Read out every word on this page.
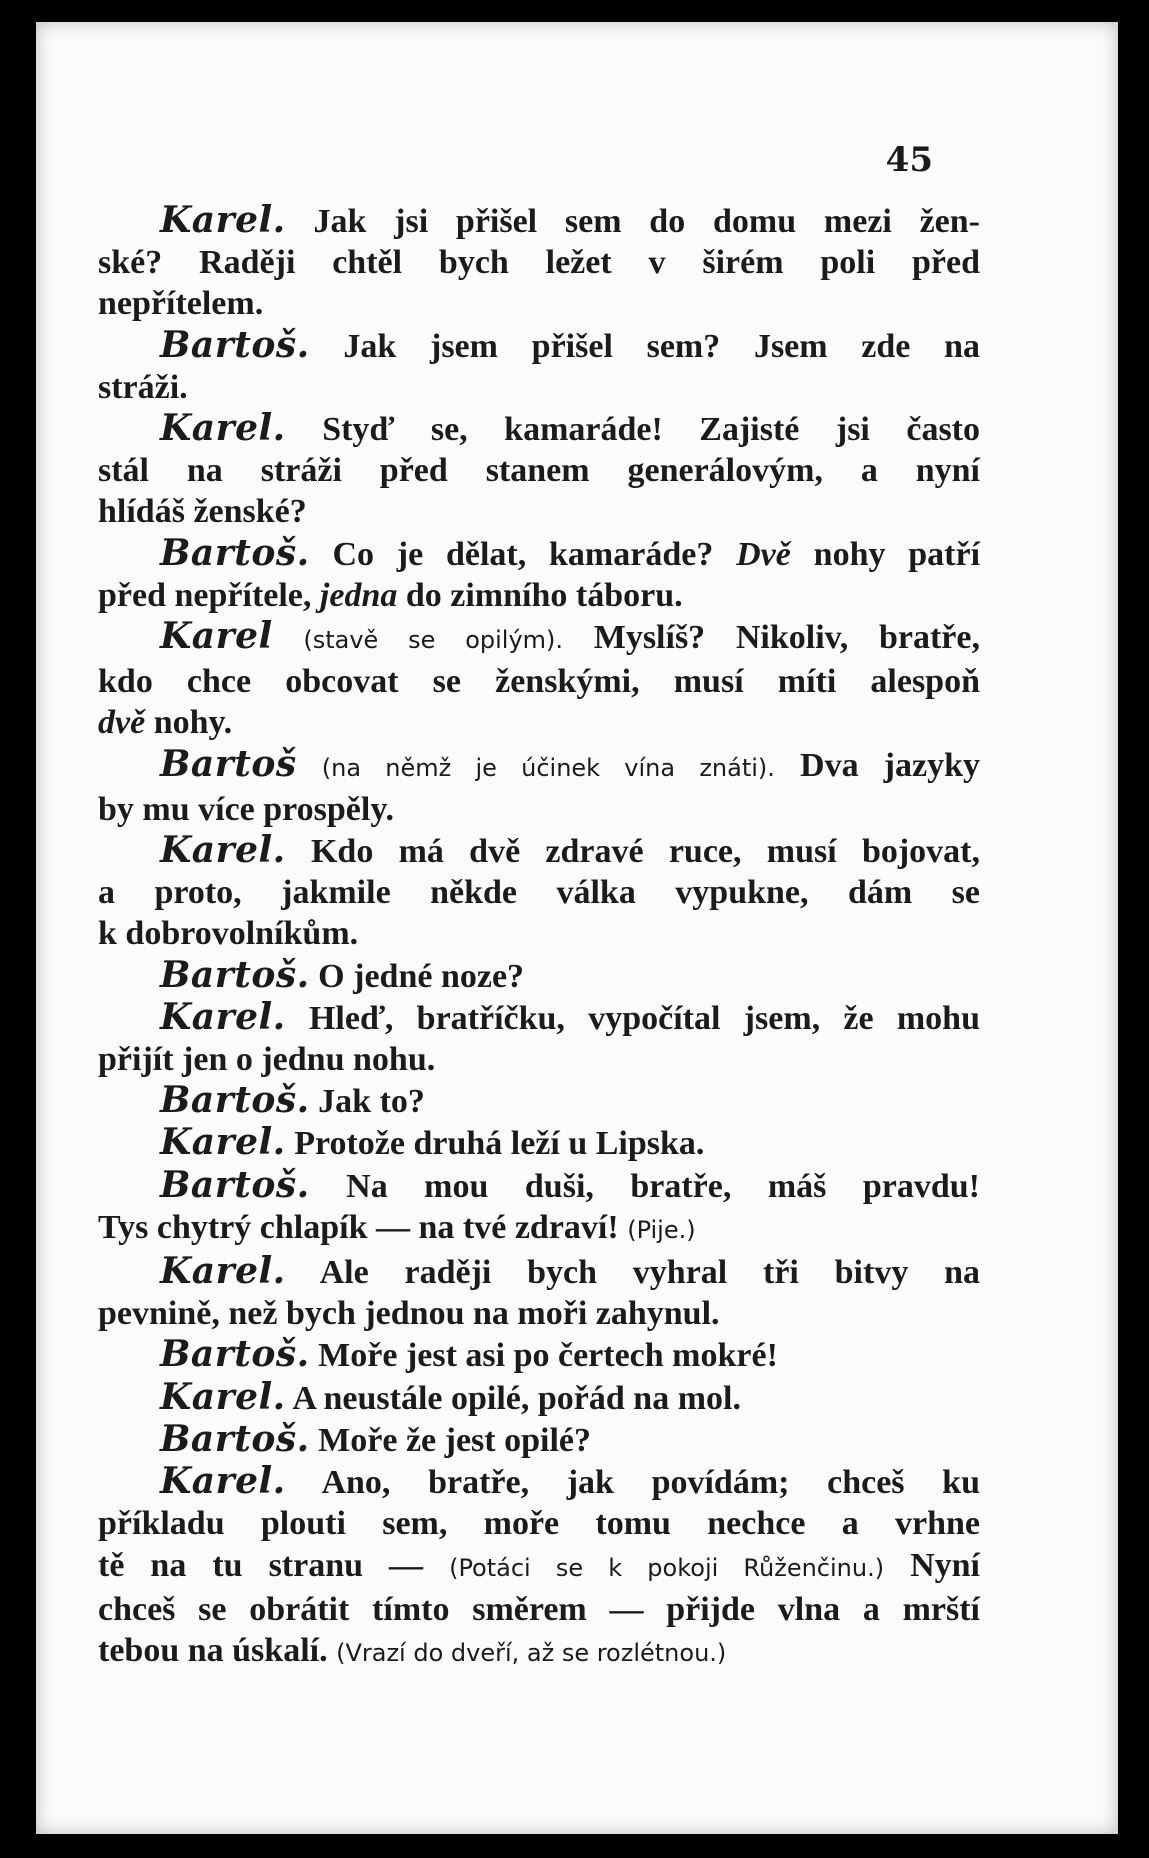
45
Karel. Jak jsi přišel sem do domu mezi žen-
ské? Raději chtěl bych ležet v širém poli před
nepřítelem.
Bartoš. Jak jsem přišel sem? Jsem zde na
stráži.
Karel. Styď se, kamaráde! Zajisté jsi často
stál na stráži před stanem generálovým, a nyní
hlídáš ženské?
Bartoš. Co je dělat, kamaráde? Dvě nohy patří
před nepřítele, jedna do zimního táboru.
Karel (stavě se opilým). Myslíš? Nikoliv, bratře,
kdo chce obcovat se ženskými, musí míti alespoň
dvě nohy.
Bartoš (na němž je účinek vína znáti). Dva jazyky
by mu více prospěly.
Karel. Kdo má dvě zdravé ruce, musí bojovat,
a proto, jakmile někde válka vypukne, dám se
k dobrovolníkům.
Bartoš. O jedné noze?
Karel. Hleď, bratříčku, vypočítal jsem, že mohu
přijít jen o jednu nohu.
Bartoš. Jak to?
Karel. Protože druhá leží u Lipska.
Bartoš. Na mou duši, bratře, máš pravdu!
Tys chytrý chlapík — na tvé zdraví! (Pije.)
Karel. Ale raději bych vyhral tři bitvy na
pevnině, než bych jednou na moři zahynul.
Bartoš. Moře jest asi po čertech mokré!
Karel. A neustále opilé, pořád na mol.
Bartoš. Moře že jest opilé?
Karel. Ano, bratře, jak povídám; chceš ku
příkladu plouti sem, moře tomu nechce a vrhne
tě na tu stranu — (Potáci se k pokoji Růženčinu.) Nyní
chceš se obrátit tímto směrem — přijde vlna a mrští
tebou na úskalí. (Vrazí do dveří, až se rozlétnou.)
